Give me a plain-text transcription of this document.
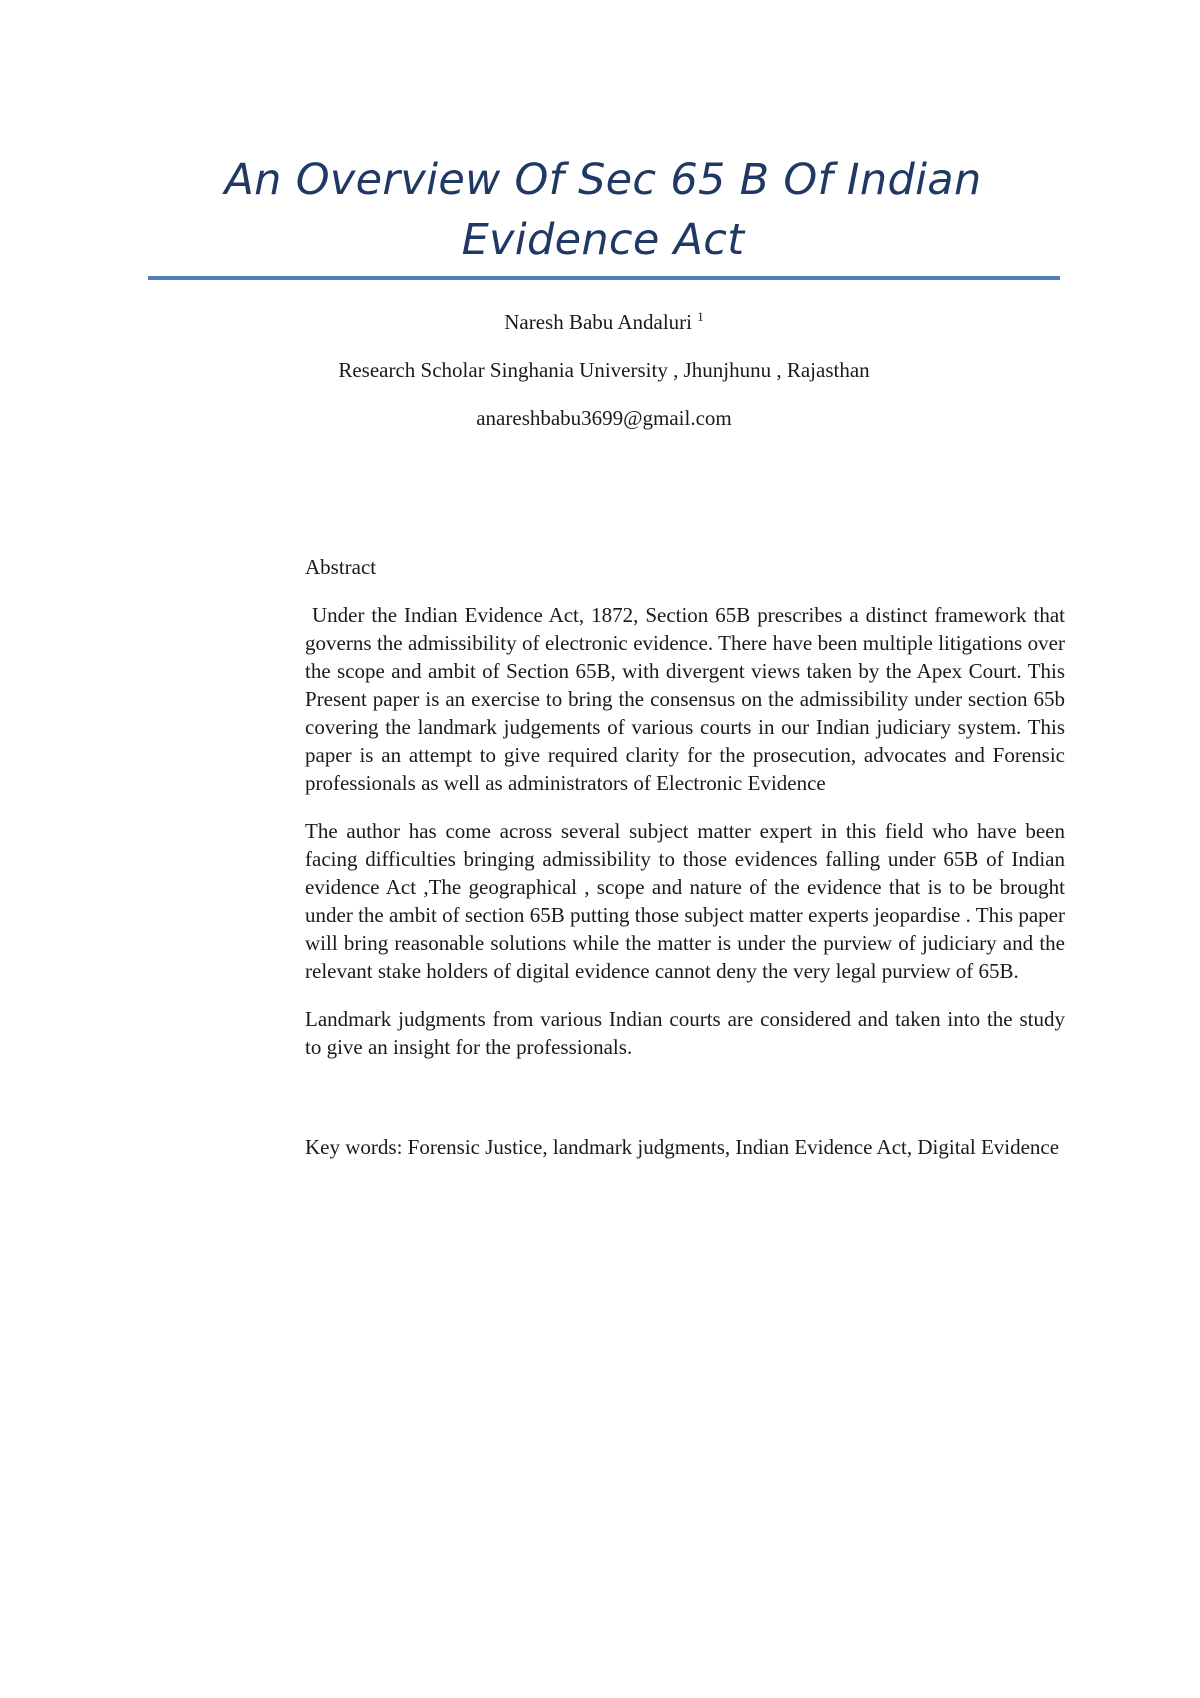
An Overview Of Sec 65 B Of Indian Evidence Act

Naresh Babu Andaluri $^1$

Research Scholar Singhania University , Jhunjhunu , Rajasthan

anareshbabu3699@gmail.com

Abstract

Under the Indian Evidence Act, 1872, Section 65B prescribes a distinct framework that governs the admissibility of electronic evidence. There have been multiple litigations over the scope and ambit of Section 65B, with divergent views taken by the Apex Court. This Present paper is an exercise to bring the consensus on the admissibility under section 65b covering the landmark judgements of various courts in our Indian judiciary system. This paper is an attempt to give required clarity for the prosecution, advocates and Forensic professionals as well as administrators of Electronic Evidence

The author has come across several subject matter expert in this field who have been facing difficulties bringing admissibility to those evidences falling under 65B of Indian evidence Act ,The geographical , scope and nature of the evidence that is to be brought under the ambit of section 65B putting those subject matter experts jeopardise . This paper will bring reasonable solutions while the matter is under the purview of judiciary and the relevant stake holders of digital evidence cannot deny the very legal purview of 65B.

Landmark judgments from various Indian courts are considered and taken into the study to give an insight for the professionals.

Key words: Forensic Justice, landmark judgments, Indian Evidence Act, Digital Evidence
